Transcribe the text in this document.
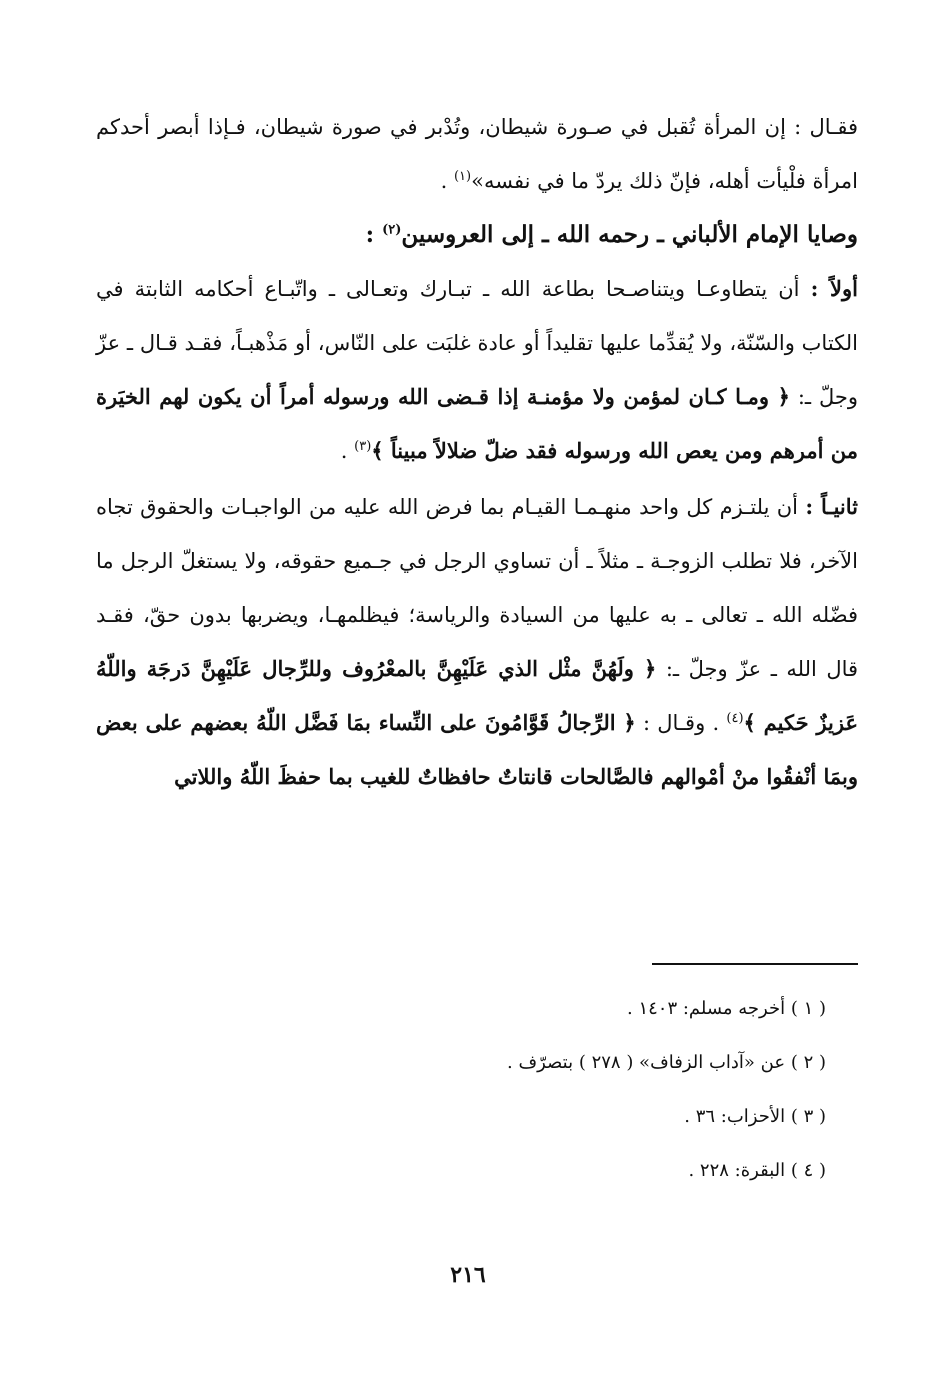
فقـال : إن المرأة تُقبل في صـورة شيطان، وتُدْبر في صورة شيطان، فـإذا أبصر أحدكم امرأة فلْيأت أهله، فإنّ ذلك يردّ ما في نفسه»$^{(١)}$ .

وصايا الإمام الألباني ـ رحمه الله ـ إلى العروسين$^{(٢)}$ :

أولاً : أن يتطاوعـا ويتناصـحا بطاعة الله ـ تبـارك وتعـالى ـ واتّبـاع أحكامه الثابتة في الكتاب والسّنّة، ولا يُقدِّما عليها تقليداً أو عادة غلبَت على النّاس، أو مَذْهبـاً، فقـد قـال ـ عزّ وجلّ ـ: ﴿ ومـا كـان لمؤمن ولا مؤمنـة إذا قـضى الله ورسوله أمراً أن يكون لهم الخيَرة من أمرهم ومن يعص الله ورسوله فقد ضلّ ضلالاً مبيناً ﴾$^{(٣)}$ .

ثانيـاً : أن يلتـزم كل واحد منهـمـا القيـام بما فرض الله عليه من الواجبـات والحقوق تجاه الآخر، فلا تطلب الزوجـة ـ مثلاً ـ أن تساوي الرجل في جـميع حقوقه، ولا يستغلّ الرجل ما فضّله الله ـ تعالى ـ به عليها من السيادة والرياسة؛ فيظلمهـا، ويضربها بدون حقّ، فقـد قال الله ـ عزّ وجلّ ـ: ﴿ ولَهُنَّ مثْل الذي عَلَيْهِنَّ بالمعْرُوف وللرِّجال عَلَيْهِنَّ دَرجَة واللّهُ عَزيزٌ حَكيم ﴾$^{(٤)}$ . وقـال : ﴿ الرِّجالُ قَوَّامُونَ على النِّساء بمَا فَضَّل اللّهُ بعضهم على بعض وبمَا أنْفقُوا منْ أمْوالهم فالصَّالحات قانتاتٌ حافظاتٌ للغيب بما حفظَ اللّهُ واللاتي

( ١ ) أخرجه مسلم: ١٤٠٣ .
( ٢ ) عن «آداب الزفاف» ( ٢٧٨ ) بتصرّف .
( ٣ ) الأحزاب: ٣٦ .
( ٤ ) البقرة: ٢٢٨ .
٢١٦
